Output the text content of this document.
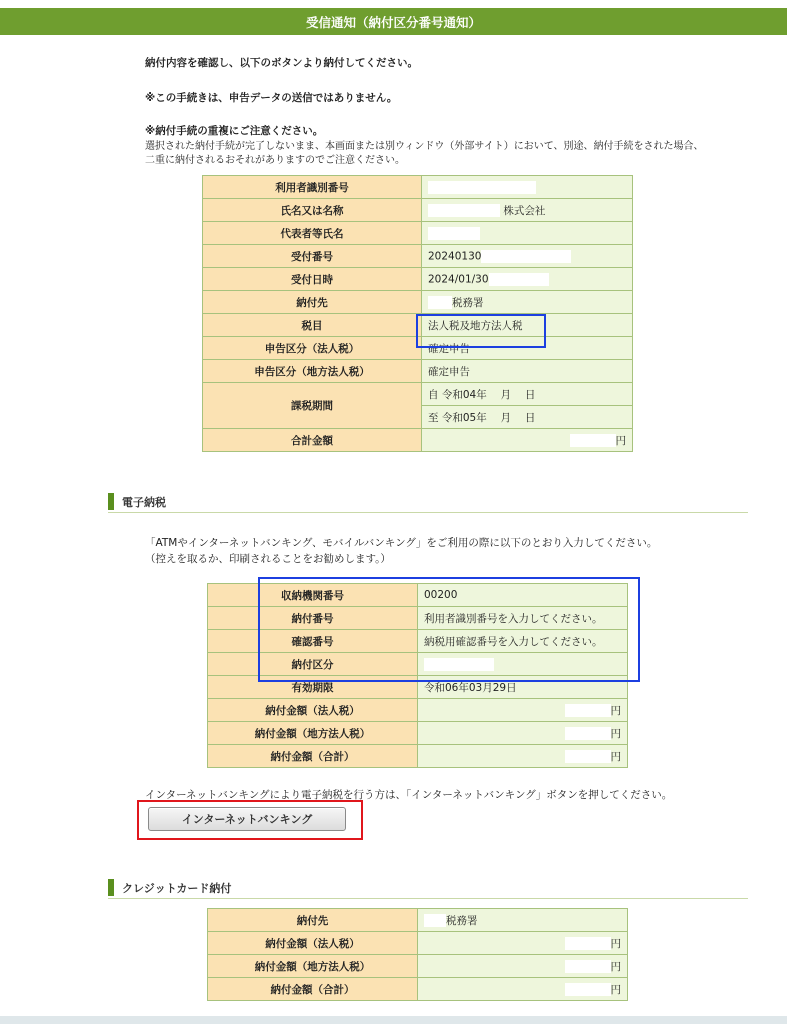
受信通知（納付区分番号通知）
納付内容を確認し、以下のボタンより納付してください。
※この手続きは、申告データの送信ではありません。
※納付手続の重複にご注意ください。
選択された納付手続が完了しないまま、本画面または別ウィンドウ（外部サイト）において、別途、納付手続をされた場合、
二重に納付されるおそれがありますのでご注意ください。
利用者識別番号	
氏名又は名称	株式会社
代表者等氏名	
受付番号	20240130
受付日時	2024/01/30
納付先	税務署
税目	法人税及地方法人税
申告区分（法人税）	確定申告
申告区分（地方法人税）	確定申告
課税期間	自 令和04年　 月　 日
	至 令和05年　 月　 日
合計金額	円
電子納税
「ATMやインターネットバンキング、モバイルバンキング」をご利用の際に以下のとおり入力してください。
（控えを取るか、印刷されることをお勧めします。）
収納機関番号	00200
納付番号	利用者識別番号を入力してください。
確認番号	納税用確認番号を入力してください。
納付区分	
有効期限	令和06年03月29日
納付金額（法人税）	円
納付金額（地方法人税）	円
納付金額（合計）	円
インターネットバンキングにより電子納税を行う方は、「インターネットバンキング」ボタンを押してください。
インターネットバンキング
クレジットカード納付
納付先	税務署
納付金額（法人税）	円
納付金額（地方法人税）	円
納付金額（合計）	円
